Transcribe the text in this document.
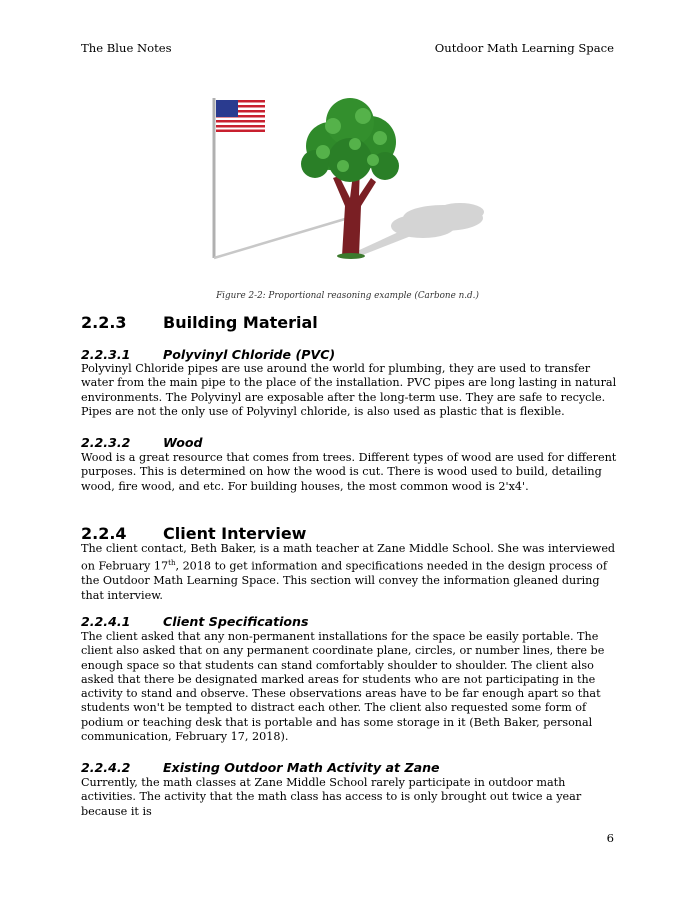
The Blue Notes	Outdoor Math Learning Space
Figure 2-2: Proportional reasoning example (Carbone n.d.)
2.2.3 Building Material
2.2.3.1	Polyvinyl Chloride (PVC)

Polyvinyl Chloride pipes are use around the world for plumbing, they are used to transfer water from the main pipe to the place of the installation. PVC pipes are long lasting in natural environments. The Polyvinyl are exposable after the long-term use. They are safe to recycle. Pipes are not the only use of Polyvinyl chloride, is also used as plastic that is flexible.

2.2.3.2	Wood

Wood is a great resource that comes from trees. Different types of wood are used for different purposes. This is determined on how the wood is cut. There is wood used to build, detailing wood, fire wood, and etc. For building houses, the most common wood is 2'x4'.

2.2.4 Client Interview

The client contact, Beth Baker, is a math teacher at Zane Middle School. She was interviewed on February 17th, 2018 to get information and specifications needed in the design process of the Outdoor Math Learning Space. This section will convey the information gleaned during that interview.

2.2.4.1	Client Specifications

The client asked that any non-permanent installations for the space be easily portable. The client also asked that on any permanent coordinate plane, circles, or number lines, there be enough space so that students can stand comfortably shoulder to shoulder. The client also asked that there be designated marked areas for students who are not participating in the activity to stand and observe. These observations areas have to be far enough apart so that students won't be tempted to distract each other. The client also requested some form of podium or teaching desk that is portable and has some storage in it (Beth Baker, personal communication, February 17, 2018).

2.2.4.2	Existing Outdoor Math Activity at Zane

Currently, the math classes at Zane Middle School rarely participate in outdoor math activities. The activity that the math class has access to is only brought out twice a year because it is

6
